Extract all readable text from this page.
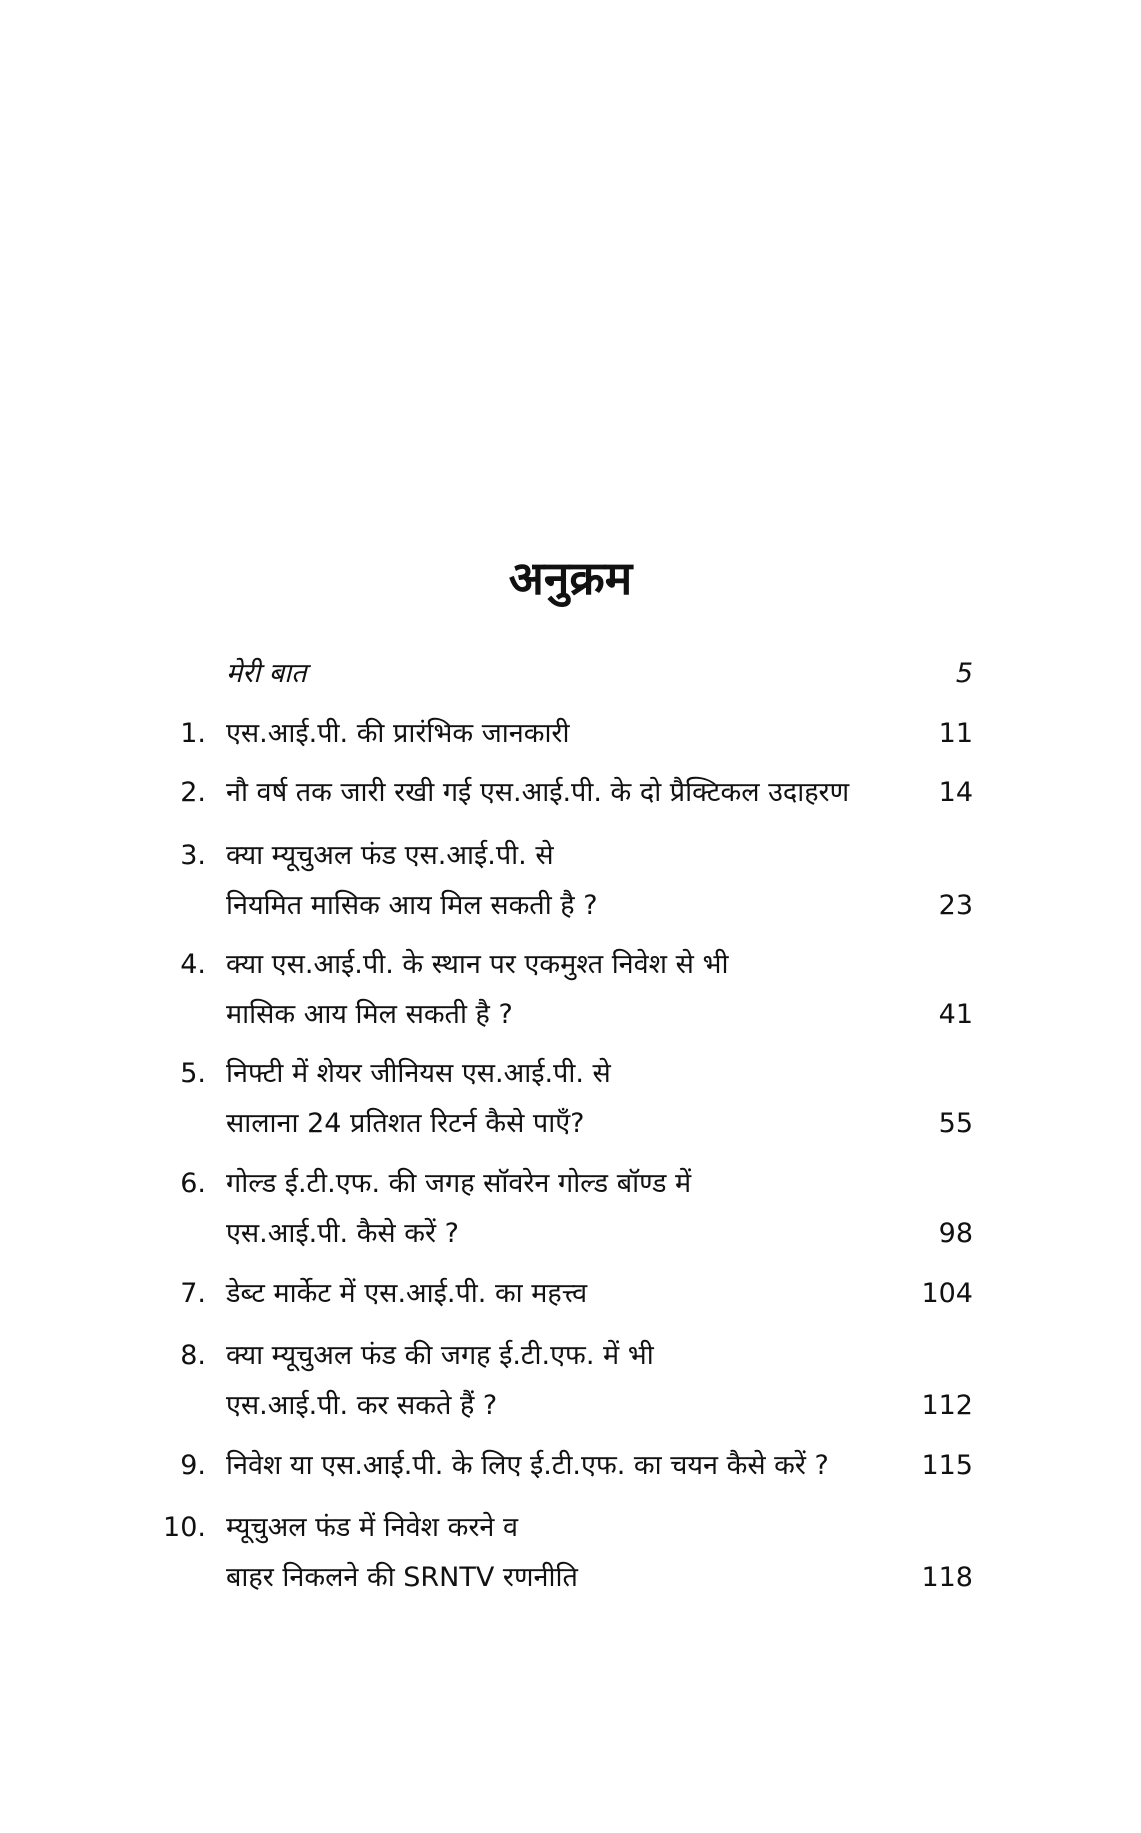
अनुक्रम
मेरी बात	5
1. एस.आई.पी. की प्रारंभिक जानकारी	11
2. नौ वर्ष तक जारी रखी गई एस.आई.पी. के दो प्रैक्टिकल उदाहरण	14
3. क्या म्यूचुअल फंड एस.आई.पी. से
नियमित मासिक आय मिल सकती है ?	23
4. क्या एस.आई.पी. के स्थान पर एकमुश्त निवेश से भी
मासिक आय मिल सकती है ?	41
5. निफ्टी में शेयर जीनियस एस.आई.पी. से
सालाना 24 प्रतिशत रिटर्न कैसे पाएँ?	55
6. गोल्ड ई.टी.एफ. की जगह सॉवरेन गोल्ड बॉण्ड में
एस.आई.पी. कैसे करें ?	98
7. डेब्ट मार्केट में एस.आई.पी. का महत्त्व	104
8. क्या म्यूचुअल फंड की जगह ई.टी.एफ. में भी
एस.आई.पी. कर सकते हैं ?	112
9. निवेश या एस.आई.पी. के लिए ई.टी.एफ. का चयन कैसे करें ?	115
10. म्यूचुअल फंड में निवेश करने व
बाहर निकलने की SRNTV रणनीति	118
